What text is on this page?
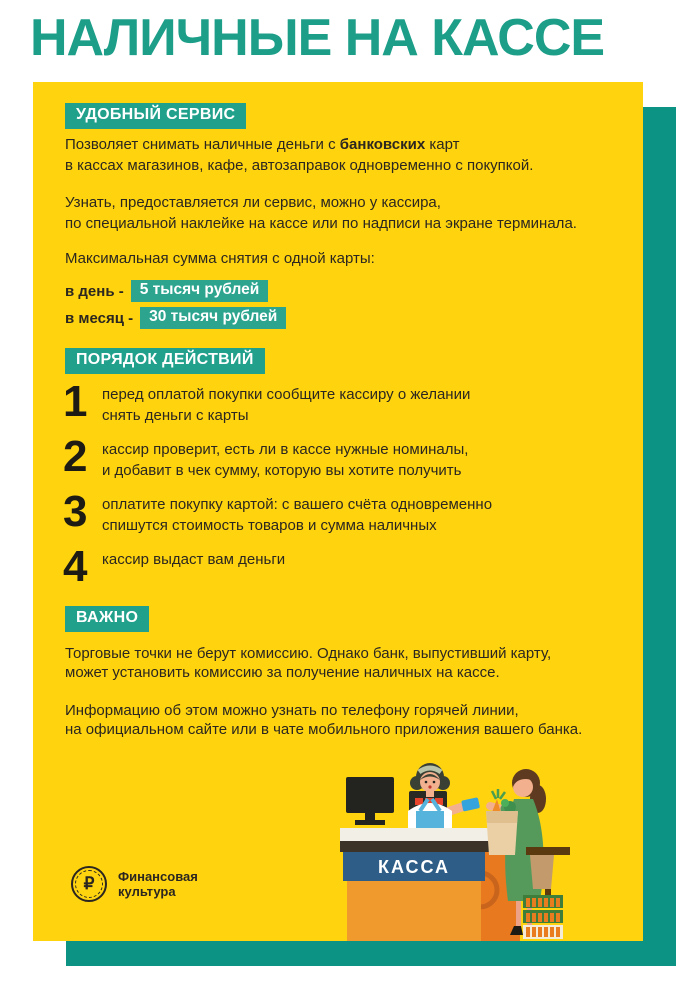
НАЛИЧНЫЕ НА КАССЕ
УДОБНЫЙ СЕРВИС

Позволяет снимать наличные деньги с банковских карт
в кассах магазинов, кафе, автозаправок одновременно с покупкой.

Узнать, предоставляется ли сервис, можно у кассира,
по специальной наклейке на кассе или по надписи на экране терминала.

Максимальная сумма снятия с одной карты:

в день -	5 тысяч рублей
в месяц -	30 тысяч рублей
ПОРЯДОК ДЕЙСТВИЙ
1 перед оплатой покупки сообщите кассиру о желании
снять деньги с карты
2 кассир проверит, есть ли в кассе нужные номиналы,
и добавит в чек сумму, которую вы хотите получить
3 оплатите покупку картой: с вашего счёта одновременно
спишутся стоимость товаров и сумма наличных
4 кассир выдаст вам деньги
ВАЖНО

Торговые точки не берут комиссию. Однако банк, выпустивший карту,
может установить комиссию за получение наличных на кассе.

Информацию об этом можно узнать по телефону горячей линии,
на официальном сайте или в чате мобильного приложения вашего банка.

КАССА
₽ Финансовая
культура
